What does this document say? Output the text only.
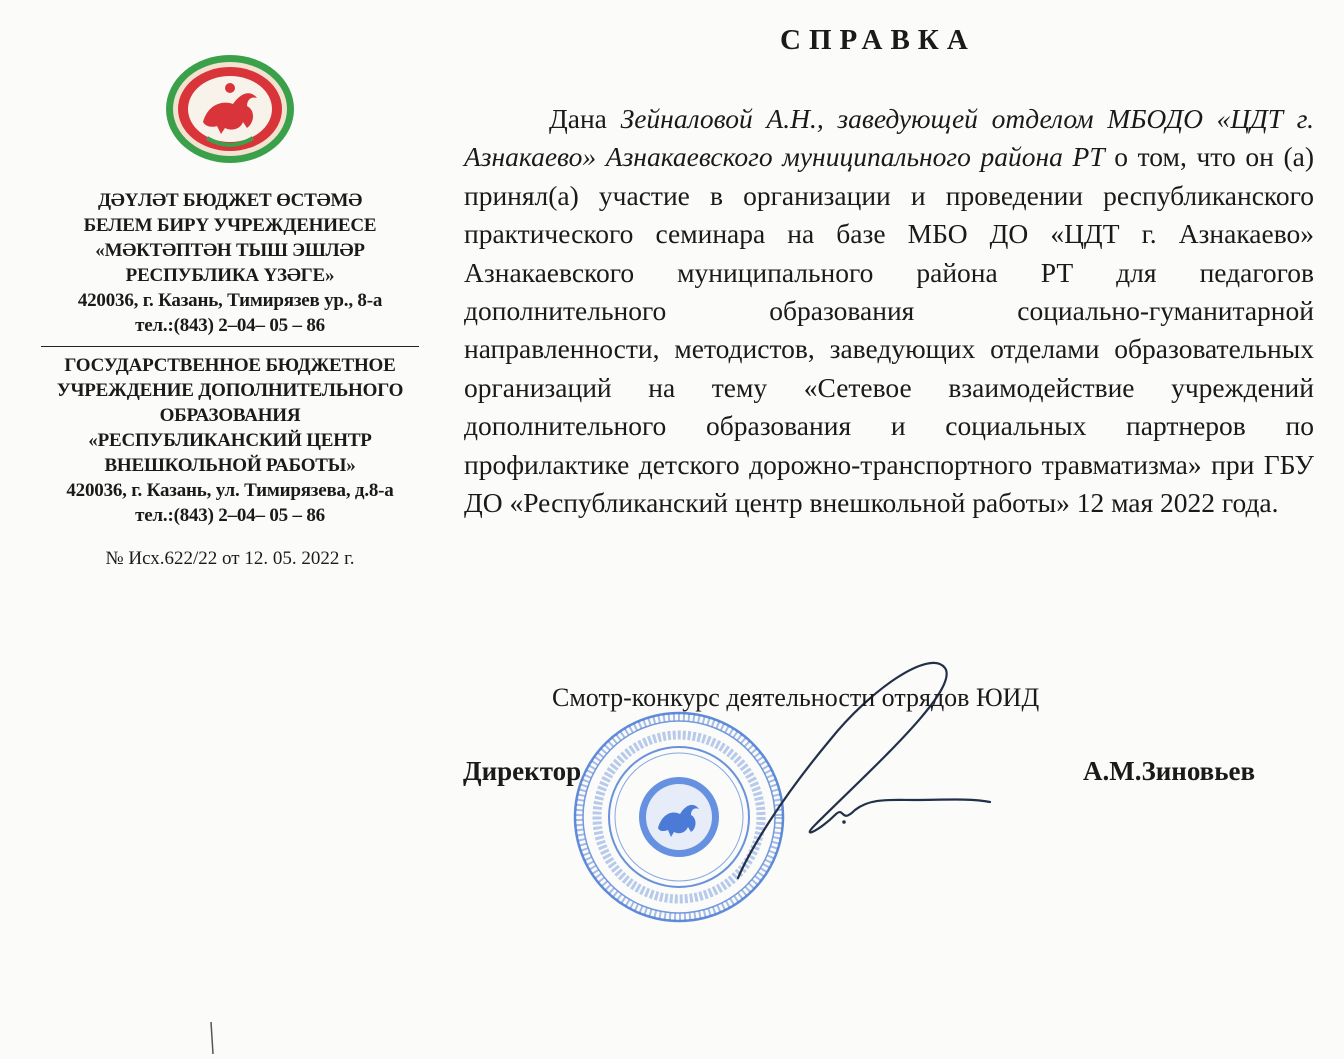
ДӘҮЛӘТ БЮДЖЕТ ӨСТӘМӘ
БЕЛЕМ БИРҮ УЧРЕЖДЕНИЕСЕ
«МӘКТӘПТӘН ТЫШ ЭШЛӘР
РЕСПУБЛИКА ҮЗӘГЕ»
420036, г. Казань, Тимирязев ур., 8-а
тел.:(843) 2–04– 05 – 86
ГОСУДАРСТВЕННОЕ БЮДЖЕТНОЕ
УЧРЕЖДЕНИЕ ДОПОЛНИТЕЛЬНОГО
ОБРАЗОВАНИЯ
«РЕСПУБЛИКАНСКИЙ ЦЕНТР
ВНЕШКОЛЬНОЙ РАБОТЫ»
420036, г. Казань, ул. Тимирязева, д.8-а
тел.:(843) 2–04– 05 – 86
№ Исх.622/22 от 12. 05. 2022 г.
СПРАВКА
Дана Зейналовой А.Н., заведующей отделом МБОДО «ЦДТ г. Азнакаево» Азнакаевского муниципального района РТ о том, что он (а) принял(а) участие в организации и проведении республиканского практического семинара на базе МБО ДО «ЦДТ г. Азнакаево» Азнакаевского муниципального района РТ для педагогов дополнительного образования социально-гуманитарной направленности, методистов, заведующих отделами образовательных организаций на тему «Сетевое взаимодействие учреждений дополнительного образования и социальных партнеров по профилактике детского дорожно-транспортного травматизма» при ГБУ ДО «Республиканский центр внешкольной работы» 12 мая 2022 года.
Смотр-конкурс деятельности отрядов ЮИД
Директор	А.М.Зиновьев
